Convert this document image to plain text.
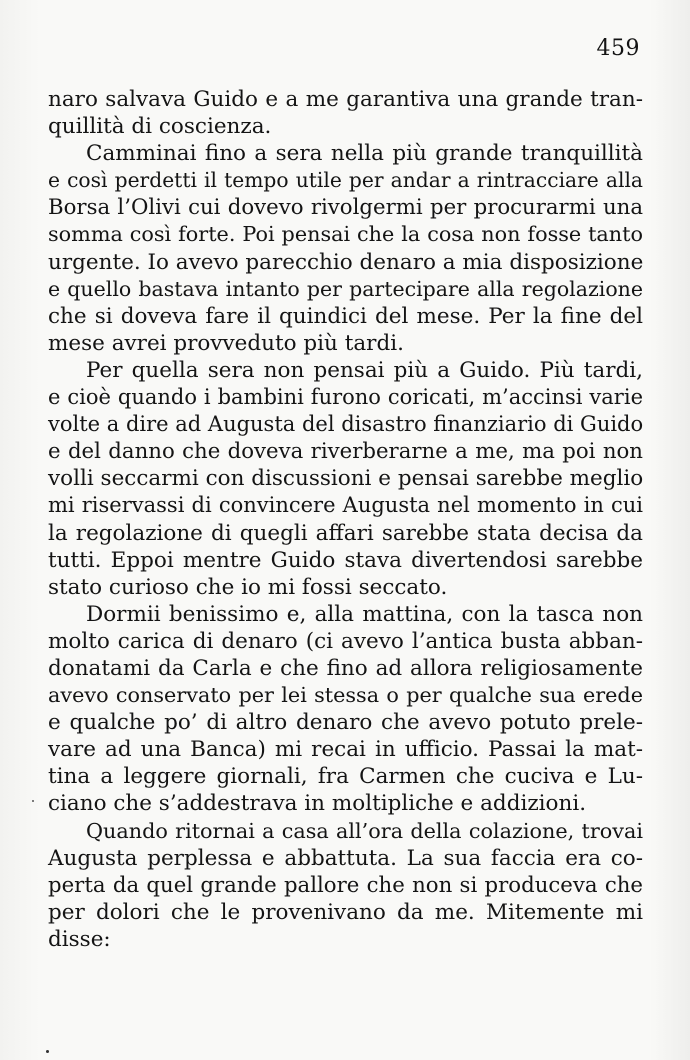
459
naro salvava Guido e a me garantiva una grande tran-
quillità di coscienza.
Camminai fino a sera nella più grande tranquillità
e così perdetti il tempo utile per andar a rintracciare alla
Borsa l’Olivi cui dovevo rivolgermi per procurarmi una
somma così forte. Poi pensai che la cosa non fosse tanto
urgente. Io avevo parecchio denaro a mia disposizione
e quello bastava intanto per partecipare alla regolazione
che si doveva fare il quindici del mese. Per la fine del
mese avrei provveduto più tardi.
Per quella sera non pensai più a Guido. Più tardi,
e cioè quando i bambini furono coricati, m’accinsi varie
volte a dire ad Augusta del disastro finanziario di Guido
e del danno che doveva riverberarne a me, ma poi non
volli seccarmi con discussioni e pensai sarebbe meglio
mi riservassi di convincere Augusta nel momento in cui
la regolazione di quegli affari sarebbe stata decisa da
tutti. Eppoi mentre Guido stava divertendosi sarebbe
stato curioso che io mi fossi seccato.
Dormii benissimo e, alla mattina, con la tasca non
molto carica di denaro (ci avevo l’antica busta abban-
donatami da Carla e che fino ad allora religiosamente
avevo conservato per lei stessa o per qualche sua erede
e qualche po’ di altro denaro che avevo potuto prele-
vare ad una Banca) mi recai in ufficio. Passai la mat-
tina a leggere giornali, fra Carmen che cuciva e Lu-
ciano che s’addestrava in moltipliche e addizioni.
Quando ritornai a casa all’ora della colazione, trovai
Augusta perplessa e abbattuta. La sua faccia era co-
perta da quel grande pallore che non si produceva che
per dolori che le provenivano da me. Mitemente mi
disse:
